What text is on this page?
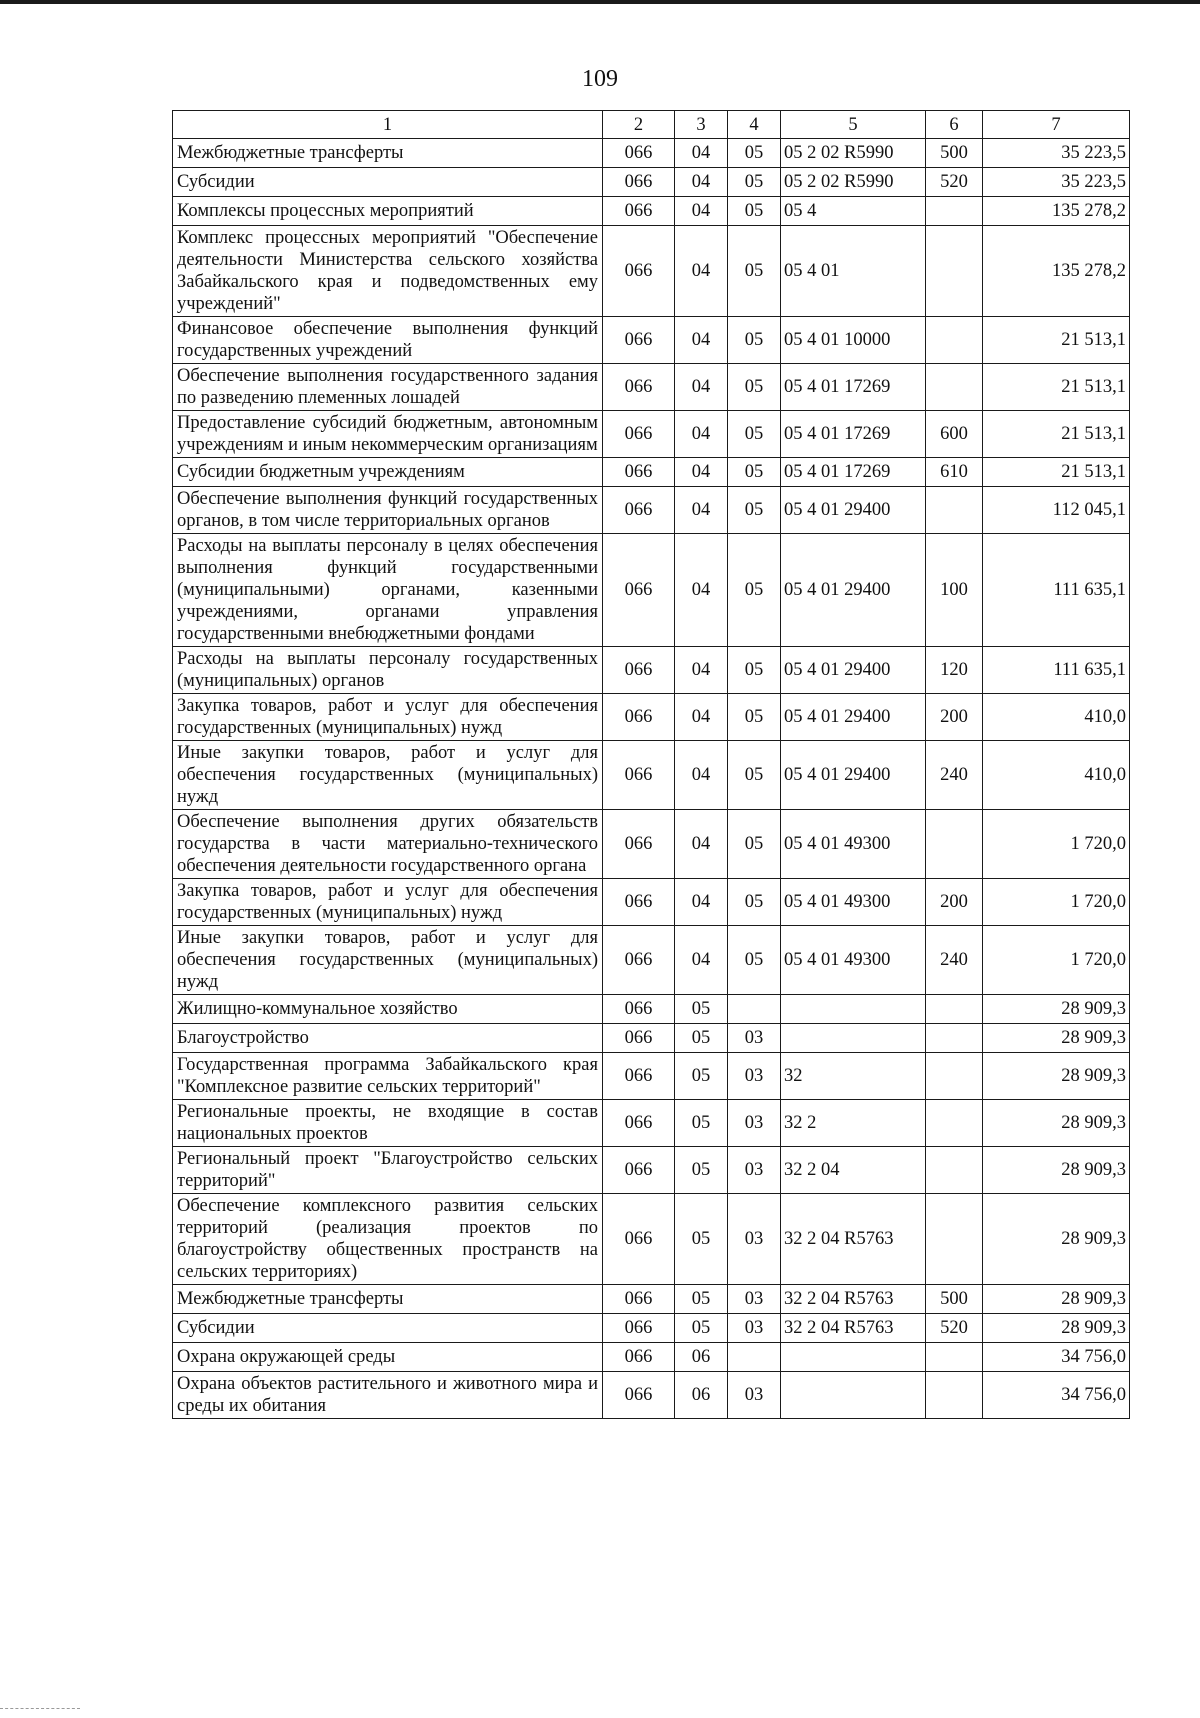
109
1	2	3	4	5	6	7
Межбюджетные трансферты	066	04	05	05 2 02 R5990	500	35 223,5
Субсидии	066	04	05	05 2 02 R5990	520	35 223,5
Комплексы процессных мероприятий	066	04	05	05 4		135 278,2
Комплекс процессных мероприятий "Обеспечение деятельности Министерства сельского хозяйства Забайкальского края и подведомственных ему учреждений"	066	04	05	05 4 01		135 278,2
Финансовое обеспечение выполнения функций государственных учреждений	066	04	05	05 4 01 10000		21 513,1
Обеспечение выполнения государственного задания по разведению племенных лошадей	066	04	05	05 4 01 17269		21 513,1
Предоставление субсидий бюджетным, автономным учреждениям и иным некоммерческим организациям	066	04	05	05 4 01 17269	600	21 513,1
Субсидии бюджетным учреждениям	066	04	05	05 4 01 17269	610	21 513,1
Обеспечение выполнения функций государственных органов, в том числе территориальных органов	066	04	05	05 4 01 29400		112 045,1
Расходы на выплаты персоналу в целях обеспечения выполнения функций государственными (муниципальными) органами, казенными учреждениями, органами управления государственными внебюджетными фондами	066	04	05	05 4 01 29400	100	111 635,1
Расходы на выплаты персоналу государственных (муниципальных) органов	066	04	05	05 4 01 29400	120	111 635,1
Закупка товаров, работ и услуг для обеспечения государственных (муниципальных) нужд	066	04	05	05 4 01 29400	200	410,0
Иные закупки товаров, работ и услуг для обеспечения государственных (муниципальных) нужд	066	04	05	05 4 01 29400	240	410,0
Обеспечение выполнения других обязательств государства в части материально-технического обеспечения деятельности государственного органа	066	04	05	05 4 01 49300		1 720,0
Закупка товаров, работ и услуг для обеспечения государственных (муниципальных) нужд	066	04	05	05 4 01 49300	200	1 720,0
Иные закупки товаров, работ и услуг для обеспечения государственных (муниципальных) нужд	066	04	05	05 4 01 49300	240	1 720,0
Жилищно-коммунальное хозяйство	066	05				28 909,3
Благоустройство	066	05	03			28 909,3
Государственная программа Забайкальского края "Комплексное развитие сельских территорий"	066	05	03	32		28 909,3
Региональные проекты, не входящие в состав национальных проектов	066	05	03	32 2		28 909,3
Региональный проект "Благоустройство сельских территорий"	066	05	03	32 2 04		28 909,3
Обеспечение комплексного развития сельских территорий (реализация проектов по благоустройству общественных пространств на сельских территориях)	066	05	03	32 2 04 R5763		28 909,3
Межбюджетные трансферты	066	05	03	32 2 04 R5763	500	28 909,3
Субсидии	066	05	03	32 2 04 R5763	520	28 909,3
Охрана окружающей среды	066	06				34 756,0
Охрана объектов растительного и животного мира и среды их обитания	066	06	03			34 756,0
